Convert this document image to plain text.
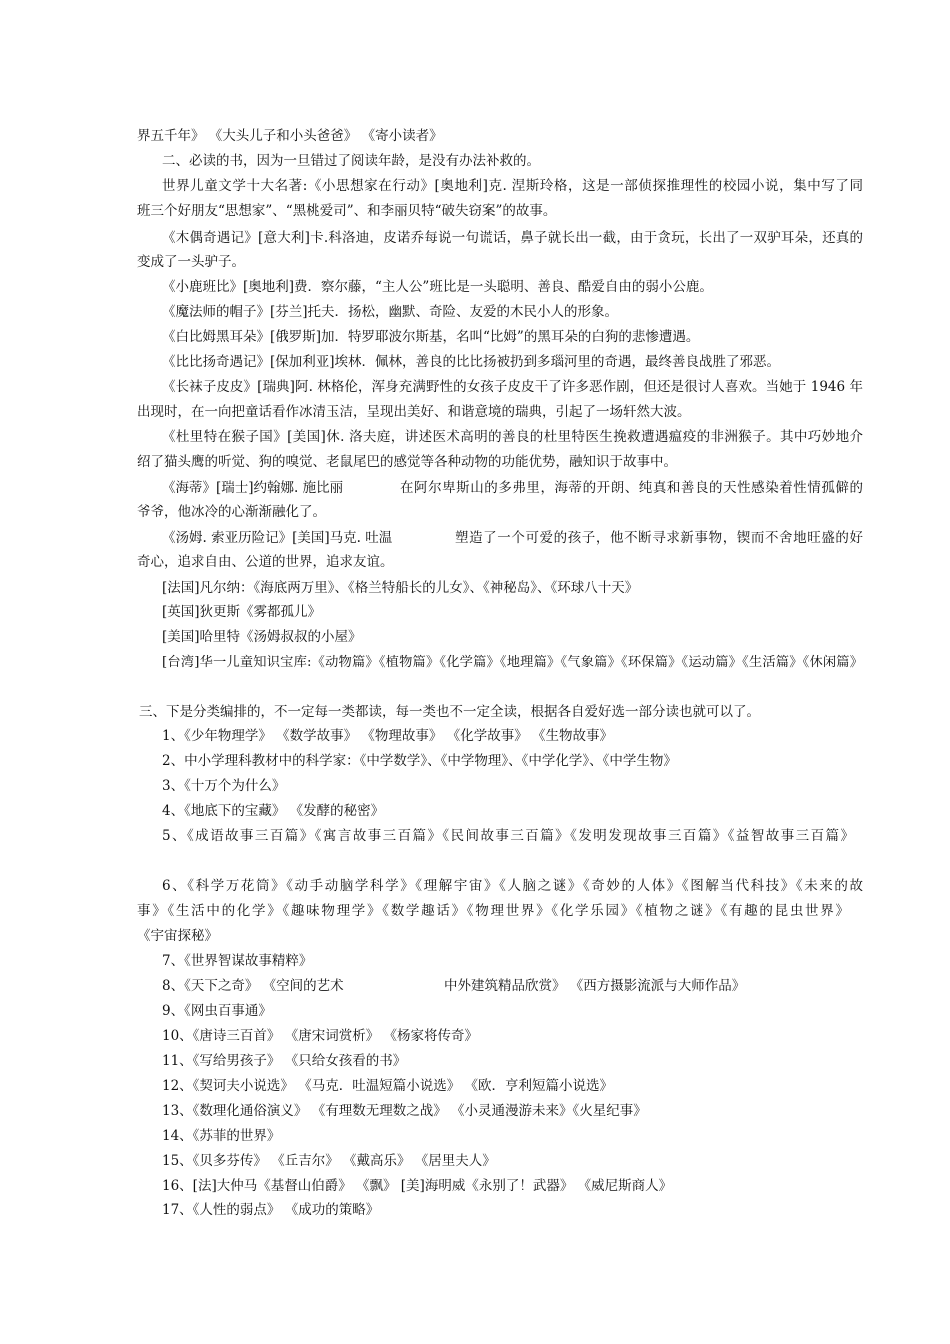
界五千年》 《大头儿子和小头爸爸》 《寄小读者》
二、必读的书，因为一旦错过了阅读年龄，是没有办法补救的。
世界儿童文学十大名著:《小思想家在行动》[奥地利]克. 涅斯玲格，这是一部侦探推理性的校园小说，集中写了同
班三个好朋友“思想家”、“黑桃爱司”、和李丽贝特“破失窃案”的故事。
《木偶奇遇记》[意大利]卡.科洛迪，皮诺乔每说一句谎话，鼻子就长出一截，由于贪玩，长出了一双驴耳朵，还真的
变成了一头驴子。
《小鹿班比》[奥地利]费．察尔藤，“主人公”班比是一头聪明、善良、酷爱自由的弱小公鹿。
《魔法师的帽子》[芬兰]托夫．扬松，幽默、奇险、友爱的木民小人的形象。
《白比姆黑耳朵》[俄罗斯]加．特罗耶波尔斯基，名叫“比姆”的黑耳朵的白狗的悲惨遭遇。
《比比扬奇遇记》[保加利亚]埃林．佩林，善良的比比扬被扔到多瑙河里的奇遇，最终善良战胜了邪恶。
《长袜子皮皮》[瑞典]阿. 林格伦，浑身充满野性的女孩子皮皮干了许多恶作剧，但还是很讨人喜欢。当她于 1946 年
出现时，在一向把童话看作冰清玉洁，呈现出美好、和谐意境的瑞典，引起了一场轩然大波。
《杜里特在猴子国》[美国]休. 洛夫庭，讲述医术高明的善良的杜里特医生挽救遭遇瘟疫的非洲猴子。其中巧妙地介
绍了猫头鹰的听觉、狗的嗅觉、老鼠尾巴的感觉等各种动物的功能优势，融知识于故事中。
《海蒂》[瑞士]约翰娜. 施比丽	在阿尔卑斯山的多弗里，海蒂的开朗、纯真和善良的天性感染着性情孤僻的
爷爷，他冰冷的心渐渐融化了。
《汤姆. 索亚历险记》[美国]马克. 吐温	塑造了一个可爱的孩子，他不断寻求新事物，锲而不舍地旺盛的好
奇心，追求自由、公道的世界，追求友谊。
[法国]凡尔纳：《海底两万里》、《格兰特船长的儿女》、《神秘岛》、《环球八十天》
[英国]狄更斯《雾都孤儿》
[美国]哈里特《汤姆叔叔的小屋》
[台湾]华一儿童知识宝库:《动物篇》《植物篇》《化学篇》《地理篇》《气象篇》《环保篇》《运动篇》《生活篇》《休闲篇》
三、下是分类编排的，不一定每一类都读，每一类也不一定全读，根据各自爱好选一部分读也就可以了。
1、《少年物理学》 《数学故事》 《物理故事》 《化学故事》 《生物故事》
2、中小学理科教材中的科学家：《中学数学》、《中学物理》、《中学化学》、《中学生物》
3、《十万个为什么》
4、《地底下的宝藏》 《发酵的秘密》
5、《成语故事三百篇》《寓言故事三百篇》《民间故事三百篇》《发明发现故事三百篇》《益智故事三百篇》
6、《科学万花筒》《动手动脑学科学》《理解宇宙》《人脑之谜》《奇妙的人体》《图解当代科技》《未来的故
事》《生活中的化学》《趣味物理学》《数学趣话》《物理世界》《化学乐园》《植物之谜》《有趣的昆虫世界》
《宇宙探秘》
7、《世界智谋故事精粹》
8、《天下之奇》 《空间的艺术	中外建筑精品欣赏》 《西方摄影流派与大师作品》
9、《网虫百事通》
10、《唐诗三百首》 《唐宋词赏析》 《杨家将传奇》
11、《写给男孩子》 《只给女孩看的书》
12、《契诃夫小说选》 《马克．吐温短篇小说选》 《欧．亨利短篇小说选》
13、《数理化通俗演义》 《有理数无理数之战》 《小灵通漫游未来》《火星纪事》
14、《苏菲的世界》
15、《贝多芬传》 《丘吉尔》 《戴高乐》 《居里夫人》
16、[法]大仲马《基督山伯爵》 《飘》 [美]海明威《永别了！武器》 《威尼斯商人》
17、《人性的弱点》 《成功的策略》
